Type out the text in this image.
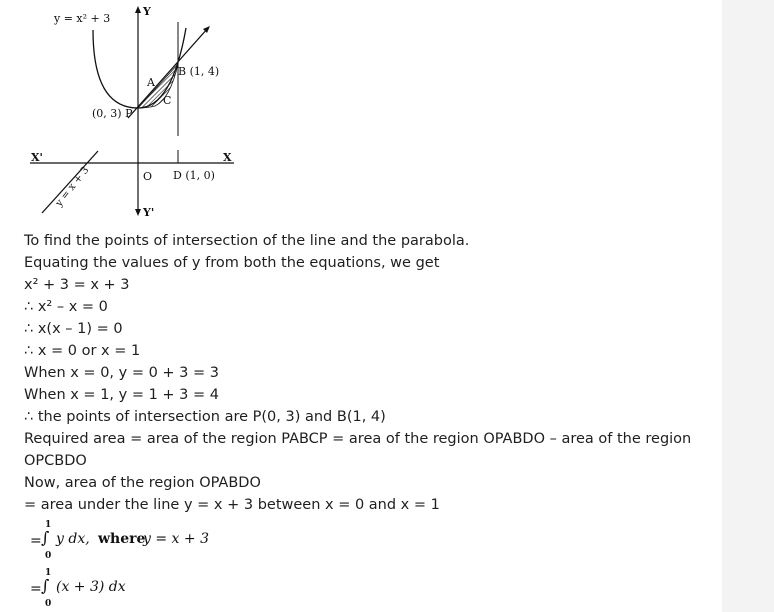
y = x² + 3
Y
A
B (1, 4)
C
(0, 3) P
X'	X
O D (1, 0)
Y'
y = x + 3
To find the points of intersection of the line and the parabola.
Equating the values of y from both the equations, we get
x² + 3 = x + 3
∴ x² – x = 0
∴ x(x – 1) = 0
∴ x = 0 or x = 1
When x = 0, y = 0 + 3 = 3
When x = 1, y = 1 + 3 = 4
∴ the points of intersection are P(0, 3) and B(1, 4)
Required area = area of the region PABCP = area of the region OPABDO – area of the region
OPCBDO
Now, area of the region OPABDO
= area under the line y = x + 3 between x = 0 and x = 1
1
= ∫
0
y dx, where
y = x + 3
1
= ∫
0
(x + 3) dx
